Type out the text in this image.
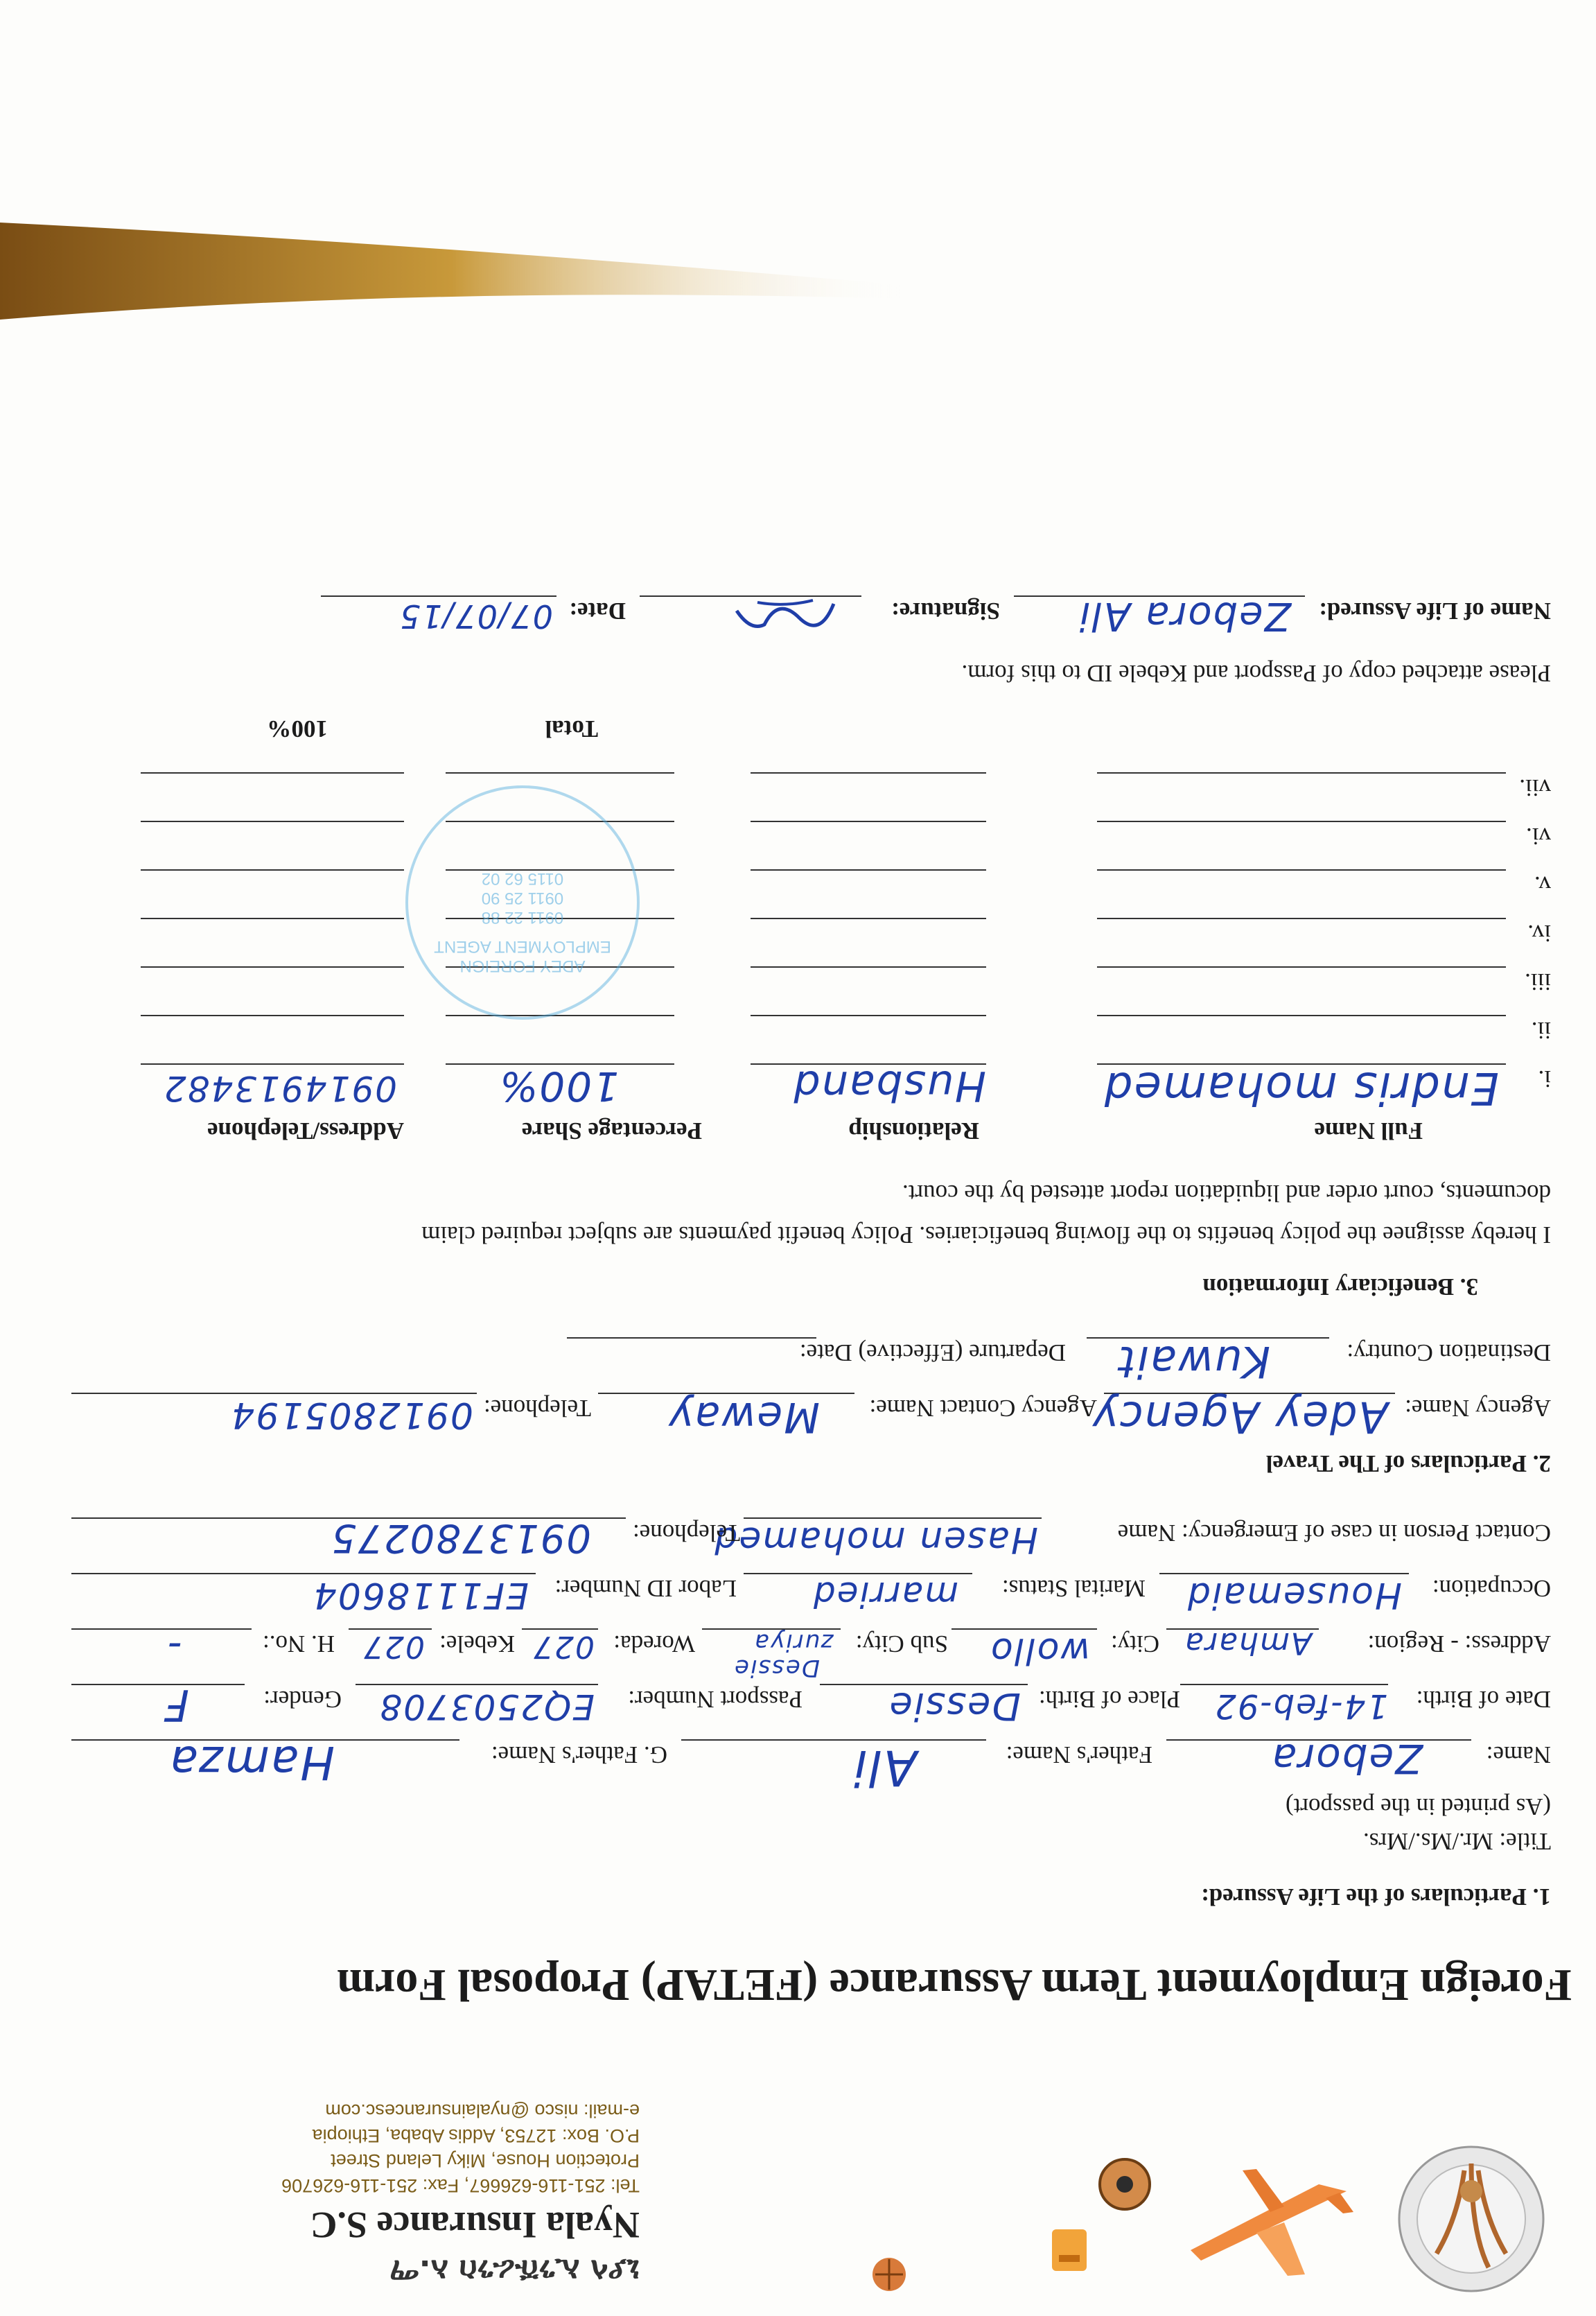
ኒያላ ኢንሹራንስ አ.ማ
Nyala Insurance S.C
Tel: 251-116-626667, Fax: 251-116-626706
Protection House, Miky Leland Street
P.O. Box: 12753, Addis Ababa, Ethiopia
e-mail: nisco @nyalainsurancesc.com
Foreign Employment Term Assurance (FETAP) Proposal Form
1. Particulars of the Life Assured:
Title: Mr./Ms./Mrs.
(As printed in the passport)
Name:
Zebora
Father's Name:
Ali
G. Father's Name:
Hamza
Date of Birth:
14-feb-92
Place of Birth:
Dessie
Passport Number:
EQ2503708
Gender:
F
Address: - Region:
Amhara
City:
wollo
Sub City:
Dessie
zuriya
Woreda:
027
Kebele:
027
H. No.:
-
Occupation:
Housemaid
Marital Status:
married
Labor ID Number:
EF1118604
Contact Person in case of Emergency: Name
Hasen mohamed
Telephone:
0913780275
2. Particulars of The Travel
Agency Name:
Adey Agency
Agency Contact Name:
Meway
Telephone:
0912805194
Destination Country:
Kuwait
Departure (Effective) Date:
3. Beneficiary Information
I hereby assignee the policy benefits to the flowing beneficiaries. Policy benefit payments are subject required claim
documents, court order and liquidation report attested by the court.
Full Name
Relationship
Percentage Share
Address/Telephone
i.
Endris mohamed
Husband
100%
0914913482
ii.
iii.
iv.
v.
vi.
vii.
Total
100%
ADEY FOREIGN
EMPLOYMENT AGENT
0911 22 88
0911 25 90
0115 62 02
Please attached copy of Passport and Kebele ID to this form.
Name of Life Assured:
Zebora Ali
Signature:
Date:
07/07/15
